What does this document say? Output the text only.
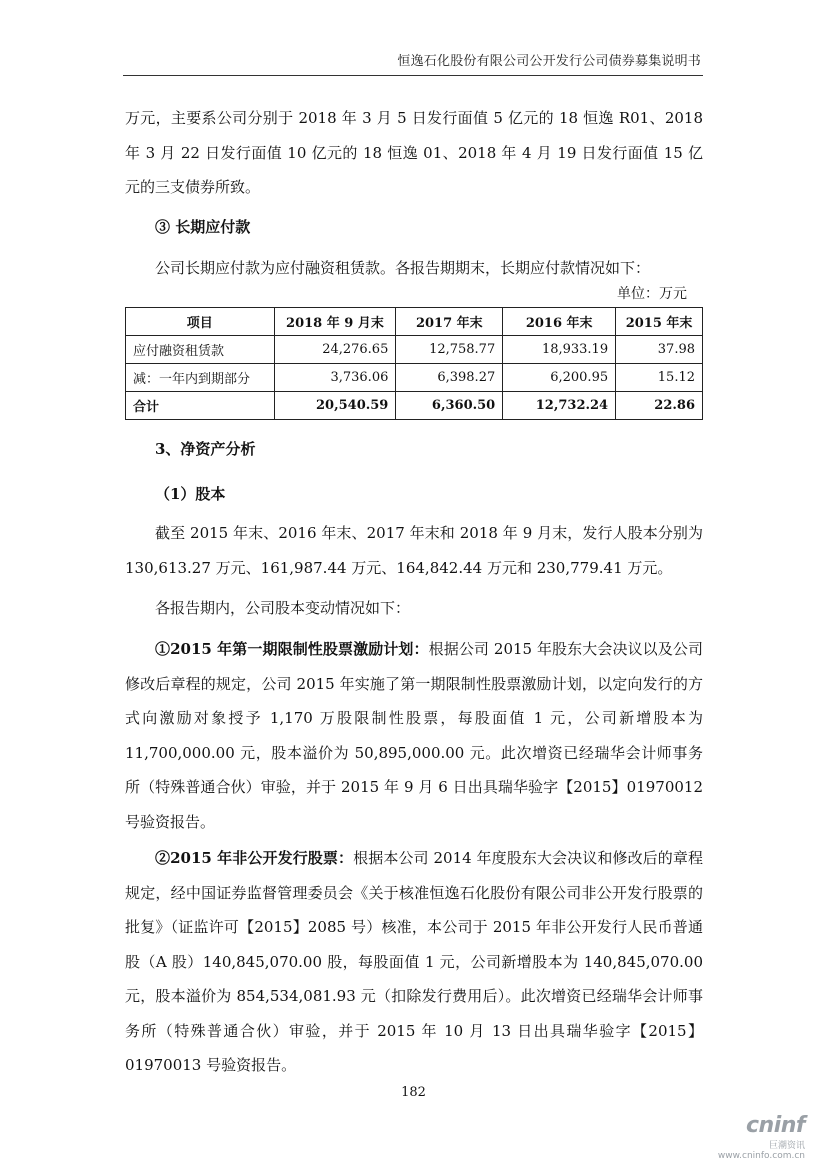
恒逸石化股份有限公司公开发行公司债券募集说明书
万元，主要系公司分别于 2018 年 3 月 5 日发行面值 5 亿元的 18 恒逸 R01、2018 年 3 月 22 日发行面值 10 亿元的 18 恒逸 01、2018 年 4 月 19 日发行面值 15 亿元的三支债券所致。
③ 长期应付款
公司长期应付款为应付融资租赁款。各报告期期末，长期应付款情况如下：
单位：万元
项目	2018 年 9 月末	2017 年末	2016 年末	2015 年末
应付融资租赁款	24,276.65	12,758.77	18,933.19	37.98
减：一年内到期部分	3,736.06	6,398.27	6,200.95	15.12
合计	20,540.59	6,360.50	12,732.24	22.86
3、净资产分析
（1）股本
截至 2015 年末、2016 年末、2017 年末和 2018 年 9 月末，发行人股本分别为 130,613.27 万元、161,987.44 万元、164,842.44 万元和 230,779.41 万元。
各报告期内，公司股本变动情况如下：
①2015 年第一期限制性股票激励计划：根据公司 2015 年股东大会决议以及公司修改后章程的规定，公司 2015 年实施了第一期限制性股票激励计划，以定向发行的方式向激励对象授予 1,170 万股限制性股票，每股面值 1 元，公司新增股本为 11,700,000.00 元，股本溢价为 50,895,000.00 元。此次增资已经瑞华会计师事务所（特殊普通合伙）审验，并于 2015 年 9 月 6 日出具瑞华验字【2015】01970012 号验资报告。
②2015 年非公开发行股票：根据本公司 2014 年度股东大会决议和修改后的章程规定，经中国证券监督管理委员会《关于核准恒逸石化股份有限公司非公开发行股票的批复》（证监许可【2015】2085 号）核准，本公司于 2015 年非公开发行人民币普通股（A 股）140,845,070.00 股，每股面值 1 元，公司新增股本为 140,845,070.00 元，股本溢价为 854,534,081.93 元（扣除发行费用后）。此次增资已经瑞华会计师事务所（特殊普通合伙）审验，并于 2015 年 10 月 13 日出具瑞华验字【2015】01970013 号验资报告。
182
cninf
巨潮资讯
www.cninfo.com.cn
